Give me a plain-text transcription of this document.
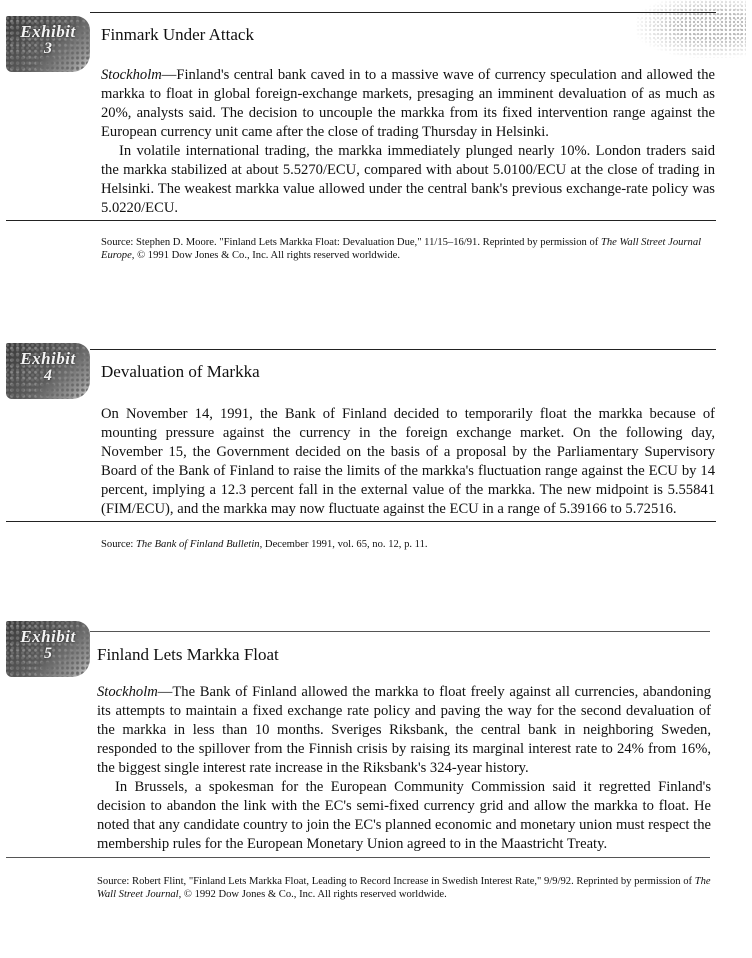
Exhibit
3
Finmark Under Attack

Stockholm—Finland's central bank caved in to a massive wave of currency speculation and allowed the markka to float in global foreign-exchange markets, presaging an imminent devaluation of as much as 20%, analysts said. The decision to uncouple the markka from its fixed intervention range against the European currency unit came after the close of trading Thursday in Helsinki.

In volatile international trading, the markka immediately plunged nearly 10%. London traders said the markka stabilized at about 5.5270/ECU, compared with about 5.0100/ECU at the close of trading in Helsinki. The weakest markka value allowed under the central bank's previous exchange-rate policy was 5.0220/ECU.

Source: Stephen D. Moore. "Finland Lets Markka Float: Devaluation Due," 11/15–16/91. Reprinted by permission of The Wall Street Journal Europe, © 1991 Dow Jones & Co., Inc. All rights reserved worldwide.
Exhibit
4	Devaluation of Markka

On November 14, 1991, the Bank of Finland decided to temporarily float the markka because of mounting pressure against the currency in the foreign exchange market. On the following day, November 15, the Government decided on the basis of a proposal by the Parliamentary Supervisory Board of the Bank of Finland to raise the limits of the markka's fluctuation range against the ECU by 14 percent, implying a 12.3 percent fall in the external value of the markka. The new midpoint is 5.55841 (FIM/ECU), and the markka may now fluctuate against the ECU in a range of 5.39166 to 5.72516.

Source: The Bank of Finland Bulletin, December 1991, vol. 65, no. 12, p. 11.
Exhibit
5	Finland Lets Markka Float

Stockholm—The Bank of Finland allowed the markka to float freely against all currencies, abandoning its attempts to maintain a fixed exchange rate policy and paving the way for the second devaluation of the markka in less than 10 months. Sveriges Riksbank, the central bank in neighboring Sweden, responded to the spillover from the Finnish crisis by raising its marginal interest rate to 24% from 16%, the biggest single interest rate increase in the Riksbank's 324-year history.

In Brussels, a spokesman for the European Community Commission said it regretted Finland's decision to abandon the link with the EC's semi-fixed currency grid and allow the markka to float. He noted that any candidate country to join the EC's planned economic and monetary union must respect the membership rules for the European Monetary Union agreed to in the Maastricht Treaty.

Source: Robert Flint, "Finland Lets Markka Float, Leading to Record Increase in Swedish Interest Rate," 9/9/92. Reprinted by permission of The Wall Street Journal, © 1992 Dow Jones & Co., Inc. All rights reserved worldwide.
